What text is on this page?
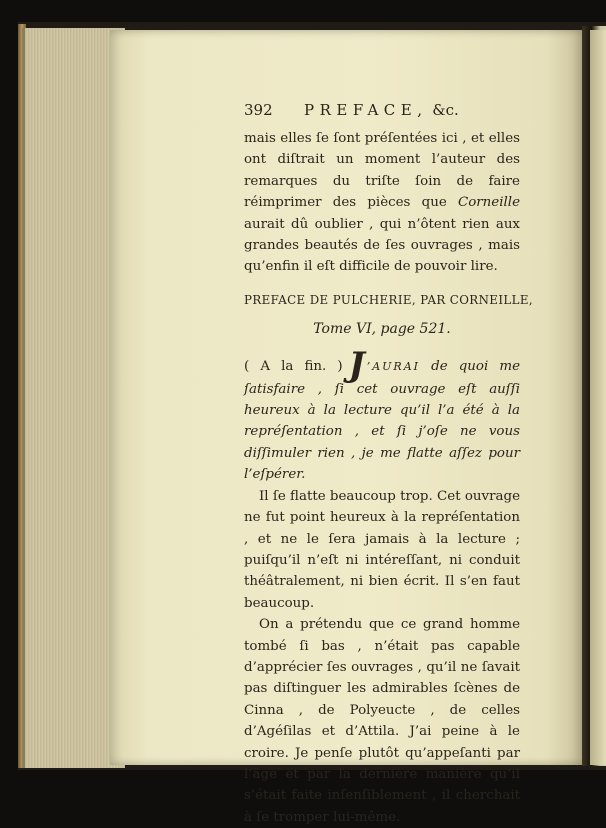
392	PREFACE, &c.

mais elles ſe ſont préſentées ici , et elles ont diſtrait un moment l’auteur des remarques du triſte ſoin de faire réimprimer des pièces que Corneille aurait dû oublier , qui n’ôtent rien aux grandes beautés de ſes ouvrages , mais qu’enfin il eſt difficile de pouvoir lire.

PREFACE DE PULCHERIE, PAR CORNEILLE,
Tome VI, page 521.

( A la fin. ) J ’AURAI de quoi me ſatisfaire , ſi cet ouvrage eſt auſſi heureux à la lecture qu’il l’a été à la repréſentation , et ſi j’oſe ne vous diſſimuler rien , je me flatte aſſez pour l’eſpérer.

Il ſe flatte beaucoup trop. Cet ouvrage ne fut point heureux à la repréſentation , et ne le ſera jamais à la lecture ; puiſqu’il n’eſt ni intéreſſant, ni conduit théâtralement, ni bien écrit. Il s’en faut beaucoup.

On a prétendu que ce grand homme tombé ſi bas , n’était pas capable d’apprécier ſes ouvrages , qu’il ne ſavait pas diſtinguer les admirables ſcènes de Cinna , de Polyeucte , de celles d’Agéſilas et d’Attila. J’ai peine à le croire. Je penſe plutôt qu’appeſanti par l’âge et par la dernière manière qu’il s’était faite inſenſiblement , il cherchait à ſe tromper lui-même.
